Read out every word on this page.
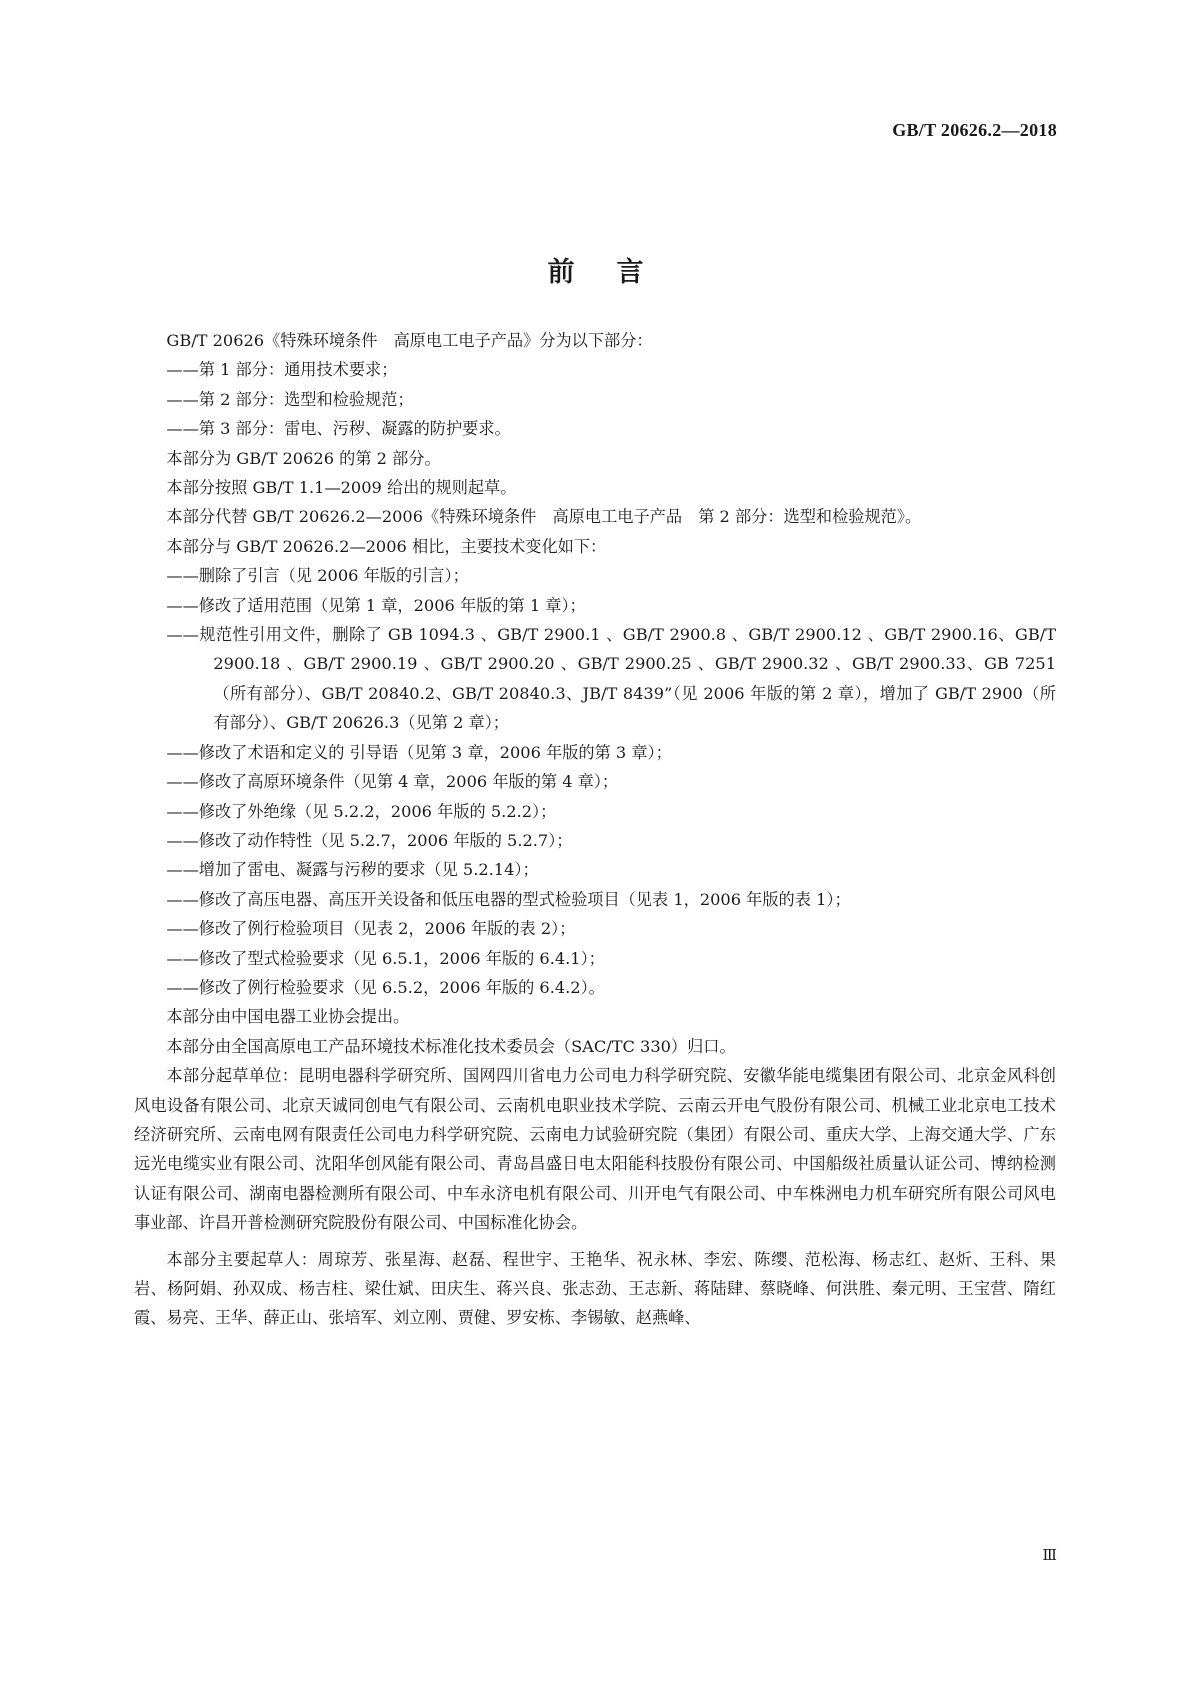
GB/T 20626.2—2018
前言

GB/T 20626《特殊环境条件　高原电工电子产品》分为以下部分：

——第 1 部分：通用技术要求；

——第 2 部分：选型和检验规范；

——第 3 部分：雷电、污秽、凝露的防护要求。

本部分为 GB/T 20626 的第 2 部分。

本部分按照 GB/T 1.1—2009 给出的规则起草。

本部分代替 GB/T 20626.2—2006《特殊环境条件　高原电工电子产品　第 2 部分：选型和检验规范》。

本部分与 GB/T 20626.2—2006 相比，主要技术变化如下：

——删除了引言（见 2006 年版的引言）；

——修改了适用范围（见第 1 章，2006 年版的第 1 章）；

——规范性引用文件，删除了 GB 1094.3 、GB/T 2900.1 、GB/T 2900.8 、GB/T 2900.12 、GB/T 2900.16、GB/T 2900.18 、GB/T 2900.19 、GB/T 2900.20 、GB/T 2900.25 、GB/T 2900.32 、GB/T 2900.33、GB 7251（所有部分）、GB/T 20840.2、GB/T 20840.3、JB/T 8439”（见 2006 年版的第 2 章），增加了 GB/T 2900（所有部分）、GB/T 20626.3（见第 2 章）；

——修改了术语和定义的 引导语（见第 3 章，2006 年版的第 3 章）；

——修改了高原环境条件（见第 4 章，2006 年版的第 4 章）；

——修改了外绝缘（见 5.2.2，2006 年版的 5.2.2）；

——修改了动作特性（见 5.2.7，2006 年版的 5.2.7）；

——增加了雷电、凝露与污秽的要求（见 5.2.14）；

——修改了高压电器、高压开关设备和低压电器的型式检验项目（见表 1，2006 年版的表 1）；

——修改了例行检验项目（见表 2，2006 年版的表 2）；

——修改了型式检验要求（见 6.5.1，2006 年版的 6.4.1）；

——修改了例行检验要求（见 6.5.2，2006 年版的 6.4.2）。

本部分由中国电器工业协会提出。

本部分由全国高原电工产品环境技术标准化技术委员会（SAC/TC 330）归口。

本部分起草单位：昆明电器科学研究所、国网四川省电力公司电力科学研究院、安徽华能电缆集团有限公司、北京金风科创风电设备有限公司、北京天诚同创电气有限公司、云南机电职业技术学院、云南云开电气股份有限公司、机械工业北京电工技术经济研究所、云南电网有限责任公司电力科学研究院、云南电力试验研究院（集团）有限公司、重庆大学、上海交通大学、广东远光电缆实业有限公司、沈阳华创风能有限公司、青岛昌盛日电太阳能科技股份有限公司、中国船级社质量认证公司、博纳检测认证有限公司、湖南电器检测所有限公司、中车永济电机有限公司、川开电气有限公司、中车株洲电力机车研究所有限公司风电事业部、许昌开普检测研究院股份有限公司、中国标准化协会。

本部分主要起草人：周琼芳、张星海、赵磊、程世宇、王艳华、祝永林、李宏、陈缨、范松海、杨志红、赵炘、王科、果岩、杨阿娟、孙双成、杨吉柱、梁仕斌、田庆生、蒋兴良、张志劲、王志新、蒋陆肆、蔡晓峰、何洪胜、秦元明、王宝营、隋红霞、易亮、王华、薛正山、张培军、刘立刚、贾健、罗安栋、李锡敏、赵燕峰、

Ⅲ
